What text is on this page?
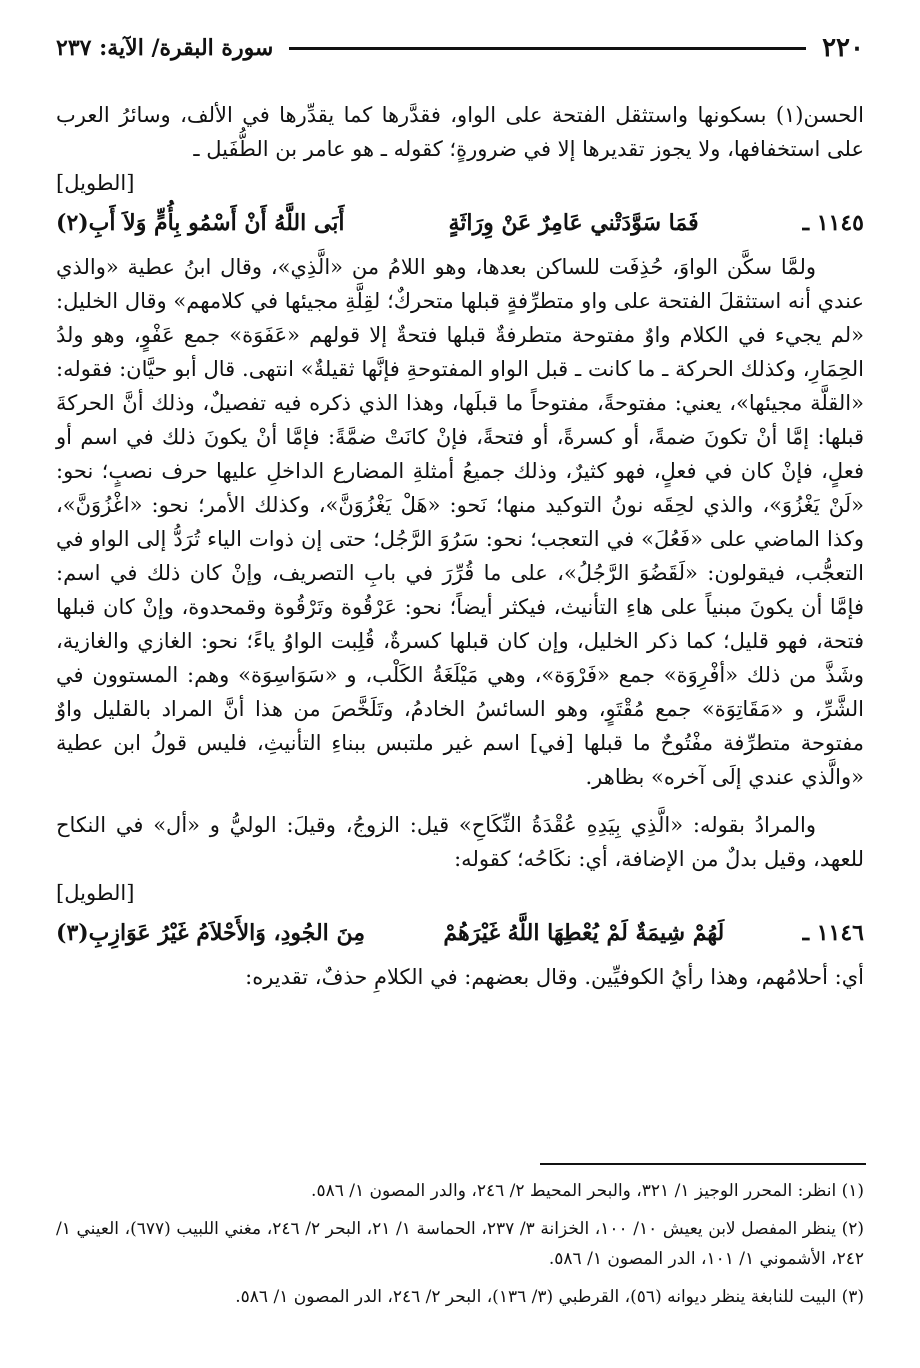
٢٢٠
سورة البقرة/ الآية: ٢٣٧

الحسن(١) بسكونها واستثقل الفتحة على الواو، فقدَّرها كما يقدِّرها في الألف، وسائرُ العرب على استخفافها، ولا يجوز تقديرها إلا في ضرورةٍ؛ كقوله ـ هو عامر بن الطُّفَيل ـ

[الطويل]
١١٤٥ ـ
فَمَا سَوَّدَتْني عَامِرٌ عَنْ وِرَاثَةٍ
أَبَى اللَّهُ أَنْ أَسْمُو بِأُمٍّ وَلاَ أَبِ(٢)

ولمَّا سكَّن الواوَ، حُذِفَت للساكن بعدها، وهو اللامُ من «الَّذِي»، وقال ابنُ عطية «والذي عندي أنه استثقلَ الفتحة على واو متطرِّفةٍ قبلها متحركٌ؛ لقِلَّةِ مجيئها في كلامهم» وقال الخليل: «لم يجيء في الكلام واوٌ مفتوحة متطرفةٌ قبلها فتحةٌ إلا قولهم «عَفَوَة» جمع عَفْوٍ، وهو ولدُ الحِمَارِ، وكذلك الحركة ـ ما كانت ـ قبل الواو المفتوحةِ فإنَّها ثقيلةٌ» انتهى. قال أبو حيَّان: فقوله: «القلَّة مجيئها»، يعني: مفتوحةً، مفتوحاً ما قبلَها، وهذا الذي ذكره فيه تفصيلٌ، وذلك أنَّ الحركةَ قبلها: إمَّا أنْ تكونَ ضمةً، أو كسرةً، أو فتحةً، فإنْ كانَتْ ضمَّةً: فإمَّا أنْ يكونَ ذلك في اسم أو فعلٍ، فإنْ كان في فعلٍ، فهو كثيرٌ، وذلك جميعُ أمثلةِ المضارع الداخلِ عليها حرف نصبٍ؛ نحو: «لَنْ يَغْزُوَ»، والذي لحِقَه نونُ التوكيد منها؛ نَحو: «هَلْ يَغْزُوَنَّ»، وكذلك الأمر؛ نحو: «اغْزُوَنَّ»، وكذا الماضي على «فَعُلَ» في التعجب؛ نحو: سَرُوَ الرَّجُل؛ حتى إن ذوات الياء تُرَدُّ إلى الواو في التعجُّب، فيقولون: «لَقَضُوَ الرَّجُلُ»، على ما قُرِّرَ في بابِ التصريف، وإنْ كان ذلك في اسم: فإمَّا أن يكونَ مبنياً على هاءِ التأنيث، فيكثر أيضاً؛ نحو: عَرْقُوة وتَرْقُوة وقمحدوة، وإنْ كان قبلها فتحة، فهو قليل؛ كما ذكر الخليل، وإن كان قبلها كسرةٌ، قُلِبت الواوُ ياءً؛ نحو: الغازي والغازية، وشَذَّ من ذلك «أفْرِوَة» جمع «فَرْوَة»، وهي مَيْلَغَةُ الكَلْب، و «سَوَاسِوَة» وهم: المستوون في الشَّرِّ، و «مَقَاتِوَة» جمع مُقْتَوٍ، وهو السائسُ الخادمُ، وتَلَخَّصَ من هذا أنَّ المراد بالقليل واوٌ مفتوحة متطرِّفة مفْتُوحٌ ما قبلها [في] اسم غير ملتبس ببناءِ التأنيثِ، فليس قولُ ابن عطية «والَّذي عندي إلَى آخره» بظاهر.

والمرادُ بقوله: «الَّذِي بِيَدِهِ عُقْدَةُ النِّكَاحِ» قيل: الزوجُ، وقيلَ: الوليُّ و «أل» في النكاح للعهد، وقيل بدلٌ من الإضافة، أي: نكَاحُه؛ كقوله:

[الطويل]
١١٤٦ ـ
لَهُمْ شِيمَةٌ لَمْ يُعْطِهَا اللَّهُ غَيْرَهُمْ
مِنَ الجُودِ، وَالأَحْلاَمُ غَيْرُ عَوَازِبِ(٣)

أي: أحلامُهم، وهذا رأيُ الكوفيِّين. وقال بعضهم: في الكلامِ حذفٌ، تقديره:

(١) انظر: المحرر الوجيز ١/ ٣٢١، والبحر المحيط ٢/ ٢٤٦، والدر المصون ١/ ٥٨٦.

(٢) ينظر المفصل لابن يعيش ١٠/ ١٠٠، الخزانة ٣/ ٢٣٧، الحماسة ١/ ٢١، البحر ٢/ ٢٤٦، مغني اللبيب (٦٧٧)، العيني ١/ ٢٤٢، الأشموني ١/ ١٠١، الدر المصون ١/ ٥٨٦.

(٣) البيت للنابغة ينظر ديوانه (٥٦)، القرطبي (٣/ ١٣٦)، البحر ٢/ ٢٤٦، الدر المصون ١/ ٥٨٦.
